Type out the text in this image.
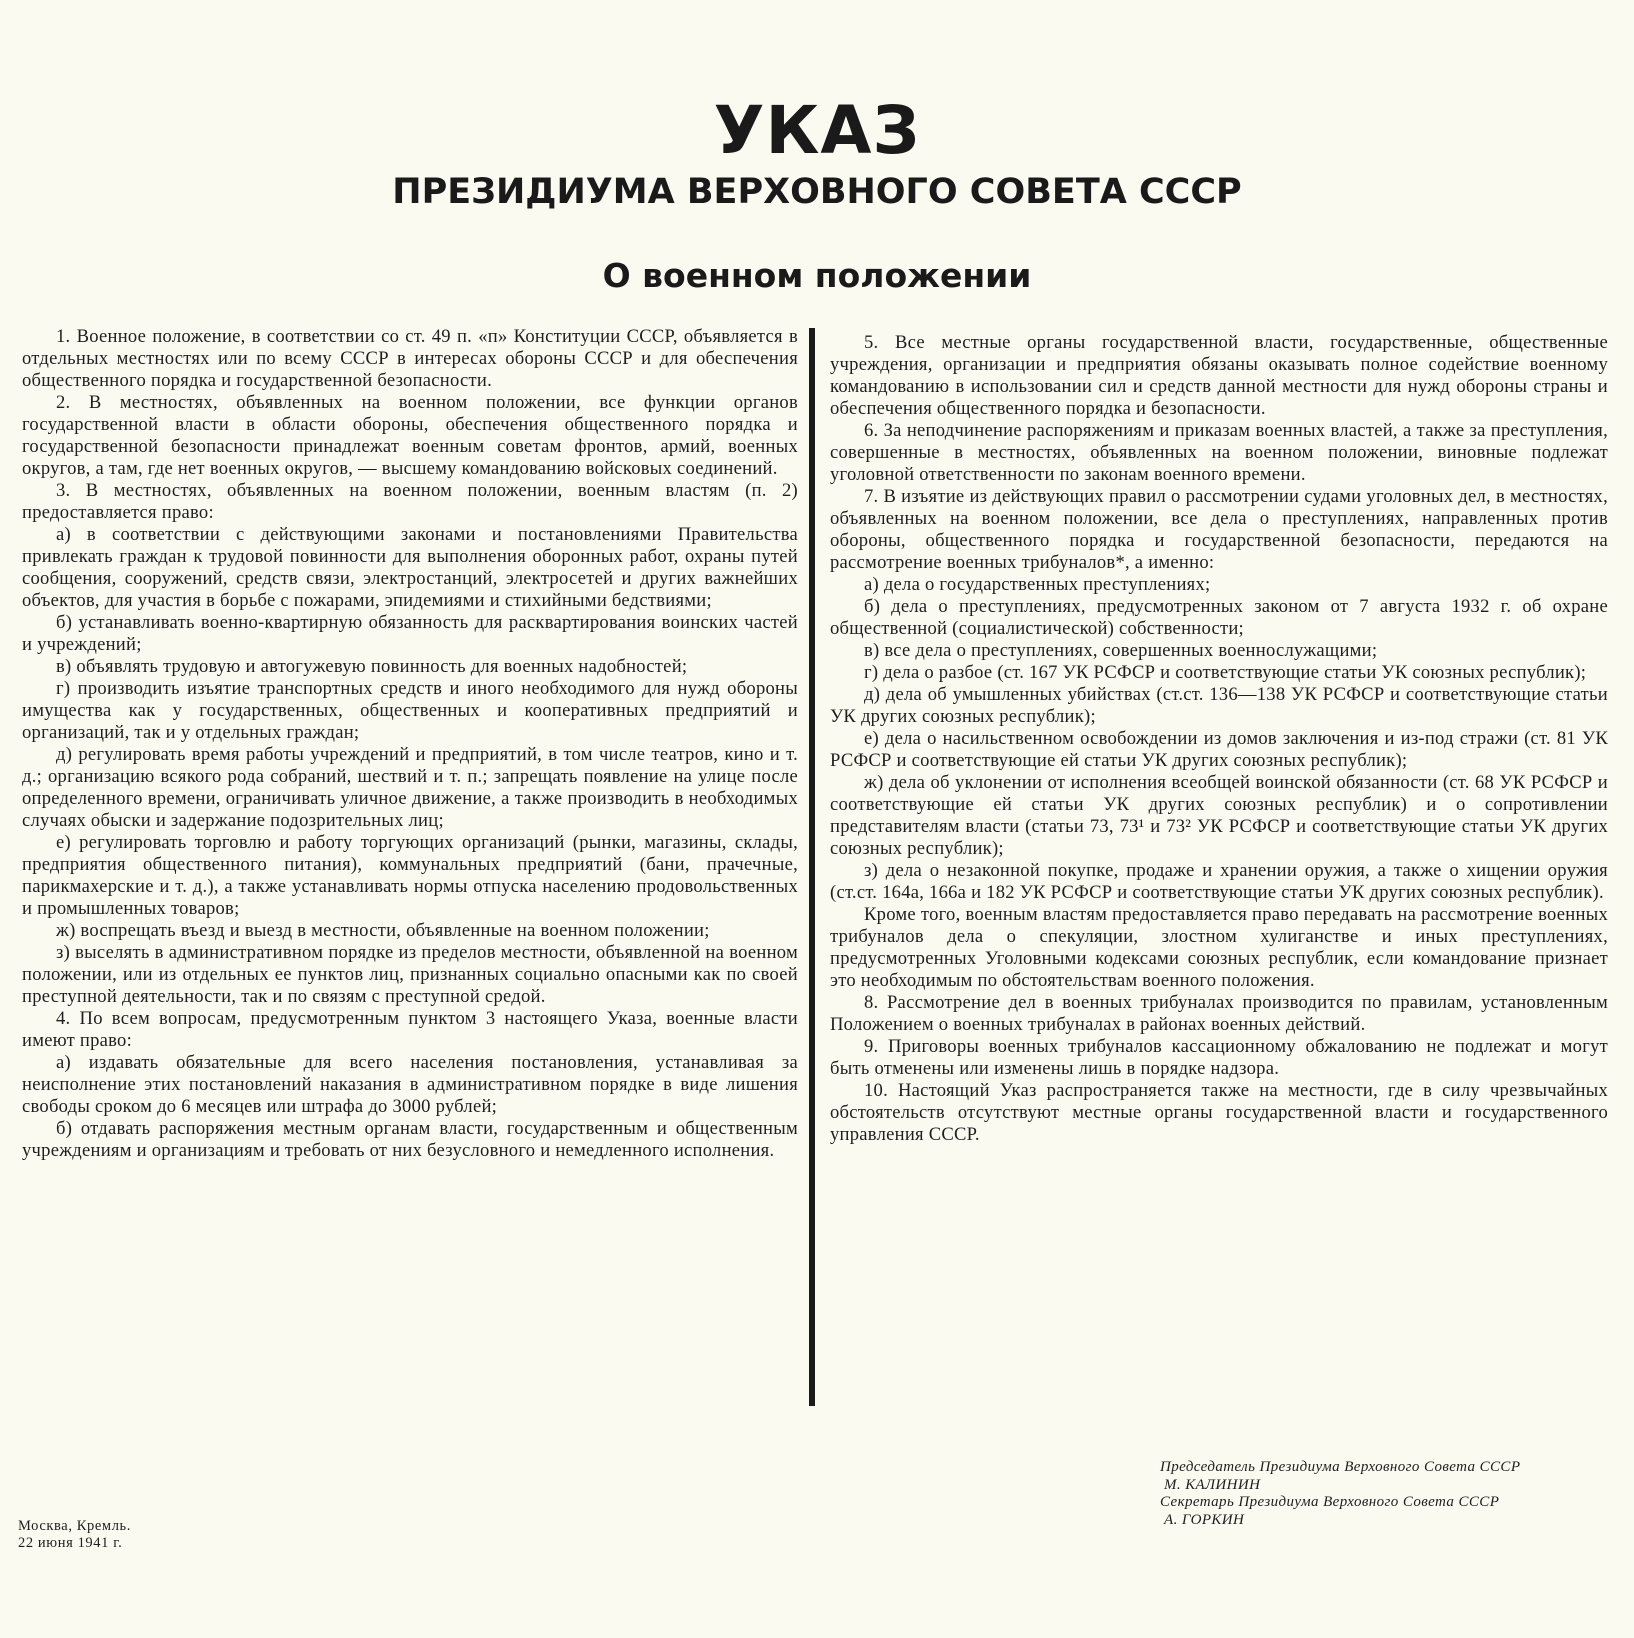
УКАЗ
ПРЕЗИДИУМА ВЕРХОВНОГО СОВЕТА СССР
О военном положении

1. Военное положение, в соответствии со ст. 49 п. «п» Конституции СССР, объявляется в отдельных местностях или по всему СССР в интересах обороны СССР и для обеспечения общественного порядка и государственной безопасности.

2. В местностях, объявленных на военном положении, все функции органов государственной власти в области обороны, обеспечения общественного порядка и государственной безопасности принадлежат военным советам фронтов, армий, военных округов, а там, где нет военных округов, — высшему командованию войсковых соединений.

3. В местностях, объявленных на военном положении, военным властям (п. 2) предоставляется право:

а) в соответствии с действующими законами и постановлениями Правительства привлекать граждан к трудовой повинности для выполнения оборонных работ, охраны путей сообщения, сооружений, средств связи, электростанций, электросетей и других важнейших объектов, для участия в борьбе с пожарами, эпидемиями и стихийными бедствиями;

б) устанавливать военно-квартирную обязанность для расквартирования воинских частей и учреждений;

в) объявлять трудовую и автогужевую повинность для военных надобностей;

г) производить изъятие транспортных средств и иного необходимого для нужд обороны имущества как у государственных, общественных и кооперативных предприятий и организаций, так и у отдельных граждан;

д) регулировать время работы учреждений и предприятий, в том числе театров, кино и т. д.; организацию всякого рода собраний, шествий и т. п.; запрещать появление на улице после определенного времени, ограничивать уличное движение, а также производить в необходимых случаях обыски и задержание подозрительных лиц;

е) регулировать торговлю и работу торгующих организаций (рынки, магазины, склады, предприятия общественного питания), коммунальных предприятий (бани, прачечные, парикмахерские и т. д.), а также устанавливать нормы отпуска населению продовольственных и промышленных товаров;

ж) воспрещать въезд и выезд в местности, объявленные на военном положении;

з) выселять в административном порядке из пределов местности, объявленной на военном положении, или из отдельных ее пунктов лиц, признанных социально опасными как по своей преступной деятельности, так и по связям с преступной средой.

4. По всем вопросам, предусмотренным пунктом 3 настоящего Указа, военные власти имеют право:

а) издавать обязательные для всего населения постановления, устанавливая за неисполнение этих постановлений наказания в административном порядке в виде лишения свободы сроком до 6 месяцев или штрафа до 3000 рублей;

б) отдавать распоряжения местным органам власти, государственным и общественным учреждениям и организациям и требовать от них безусловного и немедленного исполнения.

5. Все местные органы государственной власти, государственные, общественные учреждения, организации и предприятия обязаны оказывать полное содействие военному командованию в использовании сил и средств данной местности для нужд обороны страны и обеспечения общественного порядка и безопасности.

6. За неподчинение распоряжениям и приказам военных властей, а также за преступления, совершенные в местностях, объявленных на военном положении, виновные подлежат уголовной ответственности по законам военного времени.

7. В изъятие из действующих правил о рассмотрении судами уголовных дел, в местностях, объявленных на военном положении, все дела о преступлениях, направленных против обороны, общественного порядка и государственной безопасности, передаются на рассмотрение военных трибуналов*, а именно:

а) дела о государственных преступлениях;

б) дела о преступлениях, предусмотренных законом от 7 августа 1932 г. об охране общественной (социалистической) собственности;

в) все дела о преступлениях, совершенных военнослужащими;

г) дела о разбое (ст. 167 УК РСФСР и соответствующие статьи УК союзных республик);

д) дела об умышленных убийствах (ст.ст. 136—138 УК РСФСР и соответствующие статьи УК других союзных республик);

е) дела о насильственном освобождении из домов заключения и из-под стражи (ст. 81 УК РСФСР и соответствующие ей статьи УК других союзных республик);

ж) дела об уклонении от исполнения всеобщей воинской обязанности (ст. 68 УК РСФСР и соответствующие ей статьи УК других союзных республик) и о сопротивлении представителям власти (статьи 73, 73¹ и 73² УК РСФСР и соответствующие статьи УК других союзных республик);

з) дела о незаконной покупке, продаже и хранении оружия, а также о хищении оружия (ст.ст. 164а, 166а и 182 УК РСФСР и соответствующие статьи УК других союзных республик).

Кроме того, военным властям предоставляется право передавать на рассмотрение военных трибуналов дела о спекуляции, злостном хулиганстве и иных преступлениях, предусмотренных Уголовными кодексами союзных республик, если командование признает это необходимым по обстоятельствам военного положения.

8. Рассмотрение дел в военных трибуналах производится по правилам, установленным Положением о военных трибуналах в районах военных действий.

9. Приговоры военных трибуналов кассационному обжалованию не подлежат и могут быть отменены или изменены лишь в порядке надзора.

10. Настоящий Указ распространяется также на местности, где в силу чрезвычайных обстоятельств отсутствуют местные органы государственной власти и государственного управления СССР.

Москва, Кремль.
22 июня 1941 г.
Председатель Президиума Верховного Совета СССР
М. КАЛИНИН
Секретарь Президиума Верховного Совета СССР
А. ГОРКИН
